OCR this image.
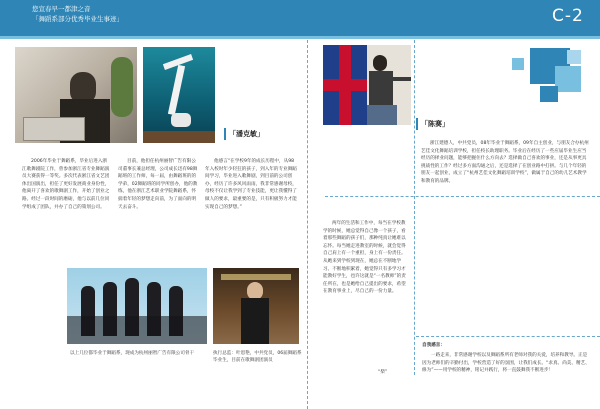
您宣春早一都津之音
「舞蹈系部分优秀毕业生事迹」	C-2
「潘克敏」
2006年毕业于舞蹈系，毕业后进入浙江歌舞剧院工作，曾参加浙江省专业舞蹈演员大赛获得一等奖。多次代表浙江省文艺团体出国演出，担任了更好发展商业身份性，他离开了喜欢的歌舞剧工作，开始了创业之路。经过一段时间的磨砺，他与以前几位同学组成了团队，并办了自己的策划公司。
目前，他担任杭州丽智广告有限公司董事长兼总经理，公司成长迅有98舞蹈班的工作师，每一届，由舞蹈班的的学弟，02舞蹈班的同学所创办，他的教练，他在浙江艺术职业学院舞蹈系，怀揣着年轻的梦想走向前，为了面向的明天去奋斗。
他感言“在学校9年的成长历程中，从98年入校时年少轻狂的孩子，到入年的专业舞蹈间学习，毕业进入歌舞剧，到目前的公司创办，经历了许多风风雨雨，我非常感谢母校，母校不仅让我学到了专业技能，更让我懂得了做人的要求，最重要的是，只有积极努力才能实现自己的梦想。”
以上几位都毕业于舞蹈系，现成为杭州丽智广告有限公司骨干	执行总监：叶恩艳，中共党员，06届舞蹈系毕业生，目前在歌舞剧团演员
「陈赛」
浙江建德人，中共党员，08年毕业于舞蹈系，09年自主创业，与朋友合办杭州艺佳文化舞蹈培训学校，担任校长助理职务。毕业后在经历了一些应届毕业生应当经历的择业问题，能够把握住什么方向去？选择做自己喜欢的事业，还是从事更具挑战性的工作？经过多方面沟通之后，还是选择了在创业路中打拼。与几个年轻的朋友一起创业，成立了“杭州艺佳文化舞蹈培训学校”，做属于自己的幼儿艺术教学和教育的品牌。
两年的生活和工作中，每当在学校教学的时候，她总觉得自己像一个孩子，看着那些舞蹈的孩子们，那种纯真让她难以忘怀。每当她走进教室的时候，就会觉得自己肩上有一个重担，身上有一份责任。从她来到学校到现在，她总在不断地学习、不断地积累着，她觉得只有多学习才能教好学生，也许这就是“一名教师”的责任所在，也是她给自己提出的要求，希望在教育事业上，尽自己的一份力量。
“柴”
自我感言：
一路走来，非常感谢学校以及舞蹈系所有老师对我的关爱，培养和教导。正是因为老师们的辛勤付出，学校营造了好的氛围，让我们成长。“求真、尚美、精艺、修为”——用学校的精神，铭记并践行，将一直鼓舞我不断进步！
